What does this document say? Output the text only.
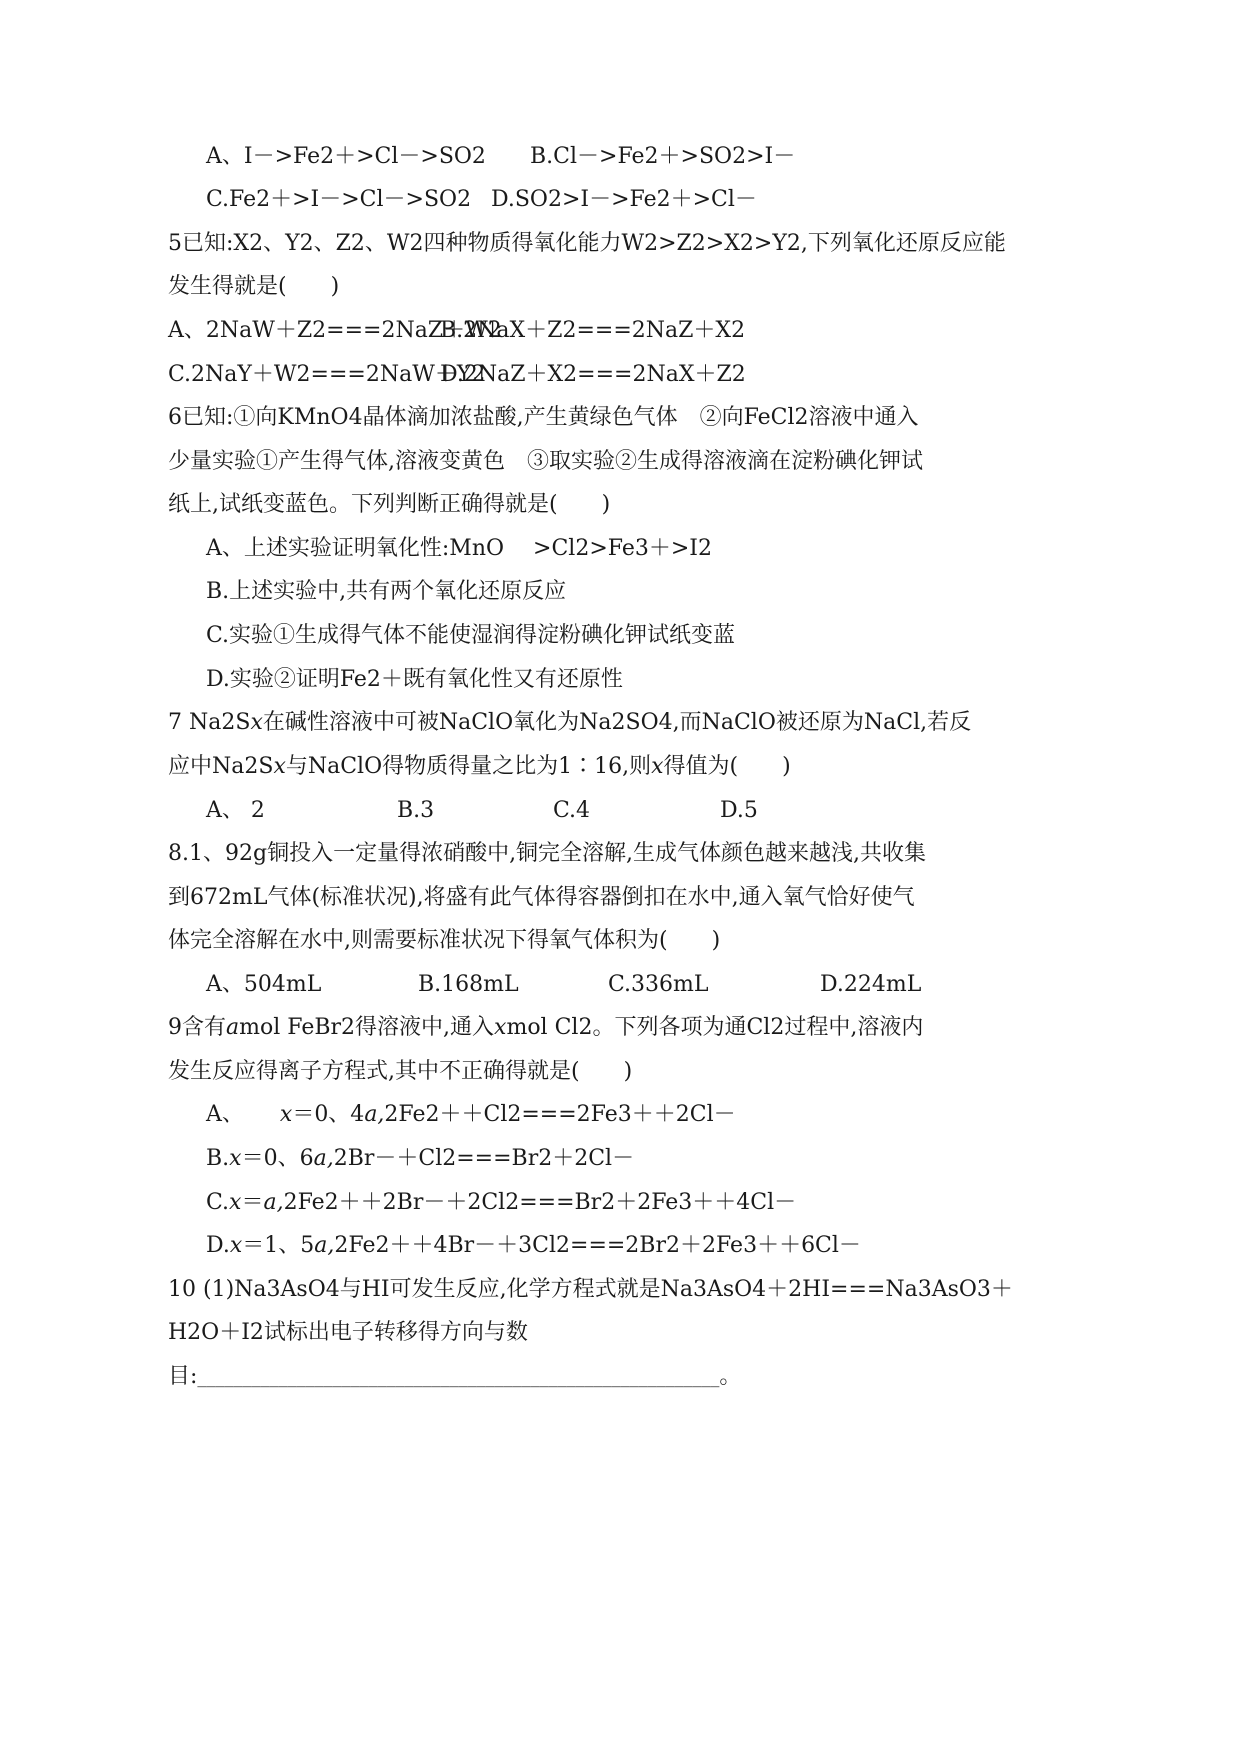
A、I－>Fe2＋>Cl－>SO2 B.Cl－>Fe2＋>SO2>I－
C.Fe2＋>I－>Cl－>SO2 D.SO2>I－>Fe2＋>Cl－
5已知:X2、Y2、Z2、W2四种物质得氧化能力W2>Z2>X2>Y2,下列氧化还原反应能
发生得就是(　　)
A、2NaW＋Z2===2NaZ＋W2
B.2NaX＋Z2===2NaZ＋X2
C.2NaY＋W2===2NaW＋Y2
D.2NaZ＋X2===2NaX＋Z2
6已知:①向KMnO4晶体滴加浓盐酸,产生黄绿色气体　②向FeCl2溶液中通入
少量实验①产生得气体,溶液变黄色　③取实验②生成得溶液滴在淀粉碘化钾试
纸上,试纸变蓝色。下列判断正确得就是(　　)
A、上述实验证明氧化性:MnO　 >Cl2>Fe3＋>I2
B.上述实验中,共有两个氧化还原反应
C.实验①生成得气体不能使湿润得淀粉碘化钾试纸变蓝
D.实验②证明Fe2＋既有氧化性又有还原性
7 Na2Sx在碱性溶液中可被NaClO氧化为Na2SO4,而NaClO被还原为NaCl,若反
应中Na2Sx与NaClO得物质得量之比为1∶16,则x得值为(　　)
A、 2	B.3	C.4	D.5
8.1、92g铜投入一定量得浓硝酸中,铜完全溶解,生成气体颜色越来越浅,共收集
到672mL气体(标准状况),将盛有此气体得容器倒扣在水中,通入氧气恰好使气
体完全溶解在水中,则需要标准状况下得氧气体积为(　　)
A、504mL	B.168mL	C.336mL	D.224mL
9含有amol FeBr2得溶液中,通入xmol Cl2。下列各项为通Cl2过程中,溶液内
发生反应得离子方程式,其中不正确得就是(　　)
A、 x＝0、4a,2Fe2＋＋Cl2===2Fe3＋＋2Cl－
B.x＝0、6a,2Br－＋Cl2===Br2＋2Cl－
C.x＝a,2Fe2＋＋2Br－＋2Cl2===Br2＋2Fe3＋＋4Cl－
D.x＝1、5a,2Fe2＋＋4Br－＋3Cl2===2Br2＋2Fe3＋＋6Cl－
10 (1)Na3AsO4与HI可发生反应,化学方程式就是Na3AsO4＋2HI===Na3AsO3＋
H2O＋I2试标出电子转移得方向与数
目:__________________________________________________________。
